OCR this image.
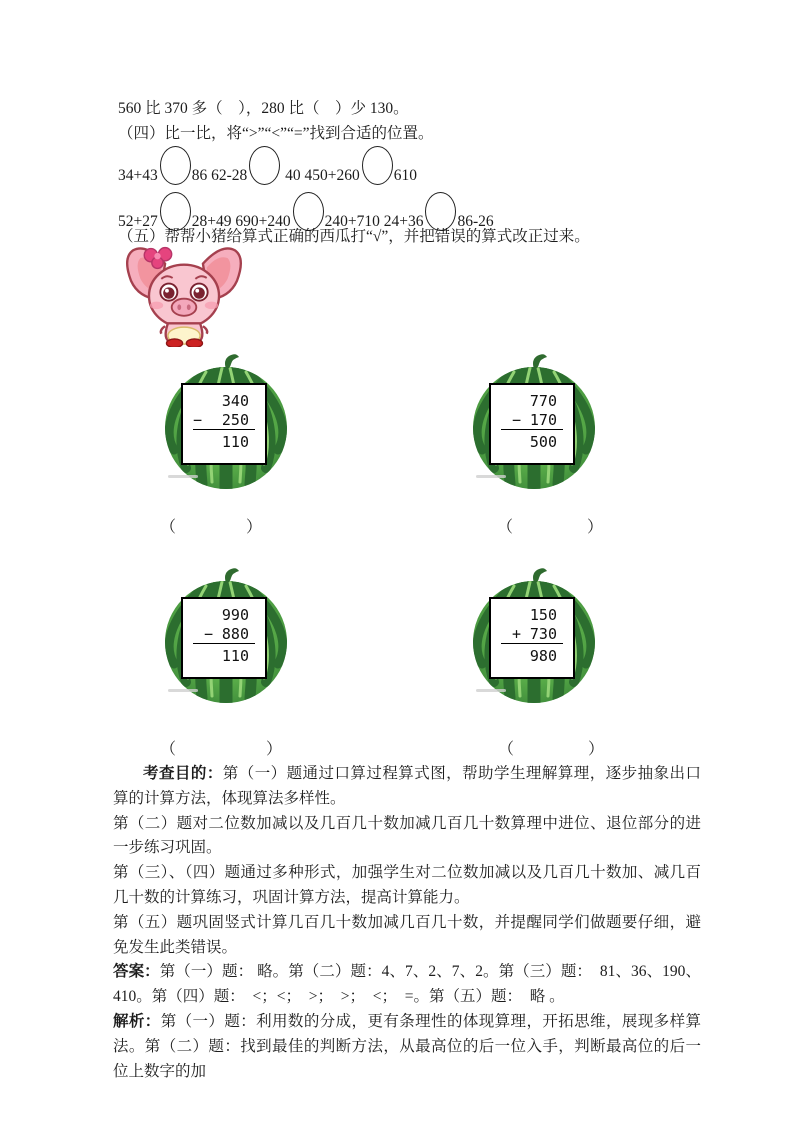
560 比 370 多（　），280 比（　）少 130。
（四）比一比，将“>”“<”“=”找到合适的位置。
34+43 86 62-28 40 450+260 610
52+27 28+49 690+240 240+710 24+36 86-26
（五）帮帮小猪给算式正确的西瓜打“√”，并把错误的算式改正过来。
340
−	250
110
770
− 170
500
（	）	（	）
990
− 880
110
150
+ 730
980
（	）	（	）

考查目的：第（一）题通过口算过程算式图，帮助学生理解算理，逐步抽象出口算的计算方法，体现算法多样性。

第（二）题对二位数加减以及几百几十数加减几百几十数算理中进位、退位部分的进一步练习巩固。

第（三）、（四）题通过多种形式，加强学生对二位数加减以及几百几十数加、减几百几十数的计算练习，巩固计算方法，提高计算能力。

第（五）题巩固竖式计算几百几十数加减几百几十数，并提醒同学们做题要仔细，避免发生此类错误。

答案：第（一）题： 略。第（二）题：4、7、2、7、2。第（三）题：  81、36、190、410。第（四）题：  <；<；  >；  >；  <；  =。第（五）题：  略 。

解析：第（一）题：利用数的分成，更有条理性的体现算理，开拓思维，展现多样算法。第（二）题：找到最佳的判断方法，从最高位的后一位入手，判断最高位的后一位上数字的加
